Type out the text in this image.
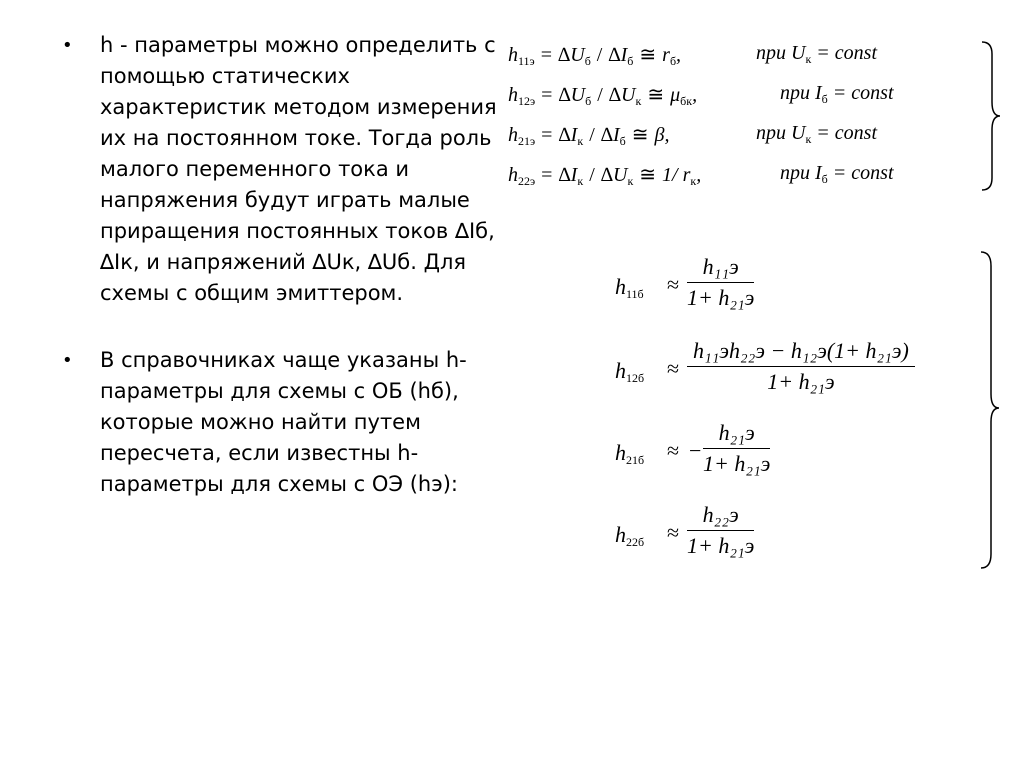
• h - параметры можно определить с помощью статических характеристик методом измерения их на постоянном токе. Тогда роль малого переменного тока и напряжения будут играть малые приращения постоянных токов ∆Iб, ∆Iк, и напряжений ∆Uк, ∆Uб. Для схемы с общим эмиттером.
• В справочниках чаще указаны h-параметры для схемы с ОБ (hб), которые можно найти путем пересчета, если известны h-параметры для схемы с ОЭ (hэ):
$h_{11э} = \Delta U_б / \Delta I_б$ ≅ $r_б$,	при $U_к$ = const
$h_{12э} = \Delta U_б / \Delta U_к$ ≅ $\mu_{бк}$,	при $I_б$ = const
$h_{21э} = \Delta I_к / \Delta I_б$ ≅ β,	при $U_к$ = const
$h_{22э} = \Delta I_к / \Delta U_к$ ≅ 1/ $r_к$,	при $I_б$ = const
$h_{11б}$ ≈
h₁₁э
1+ h₂₁э
$h_{12б}$ ≈
h₁₁эh₂₂э − h₁₂э(1+ h₂₁э)
1+ h₂₁э
$h_{21б}$ ≈ −
h₂₁э
1+ h₂₁э
$h_{22б}$ ≈
h₂₂э
1+ h₂₁э
